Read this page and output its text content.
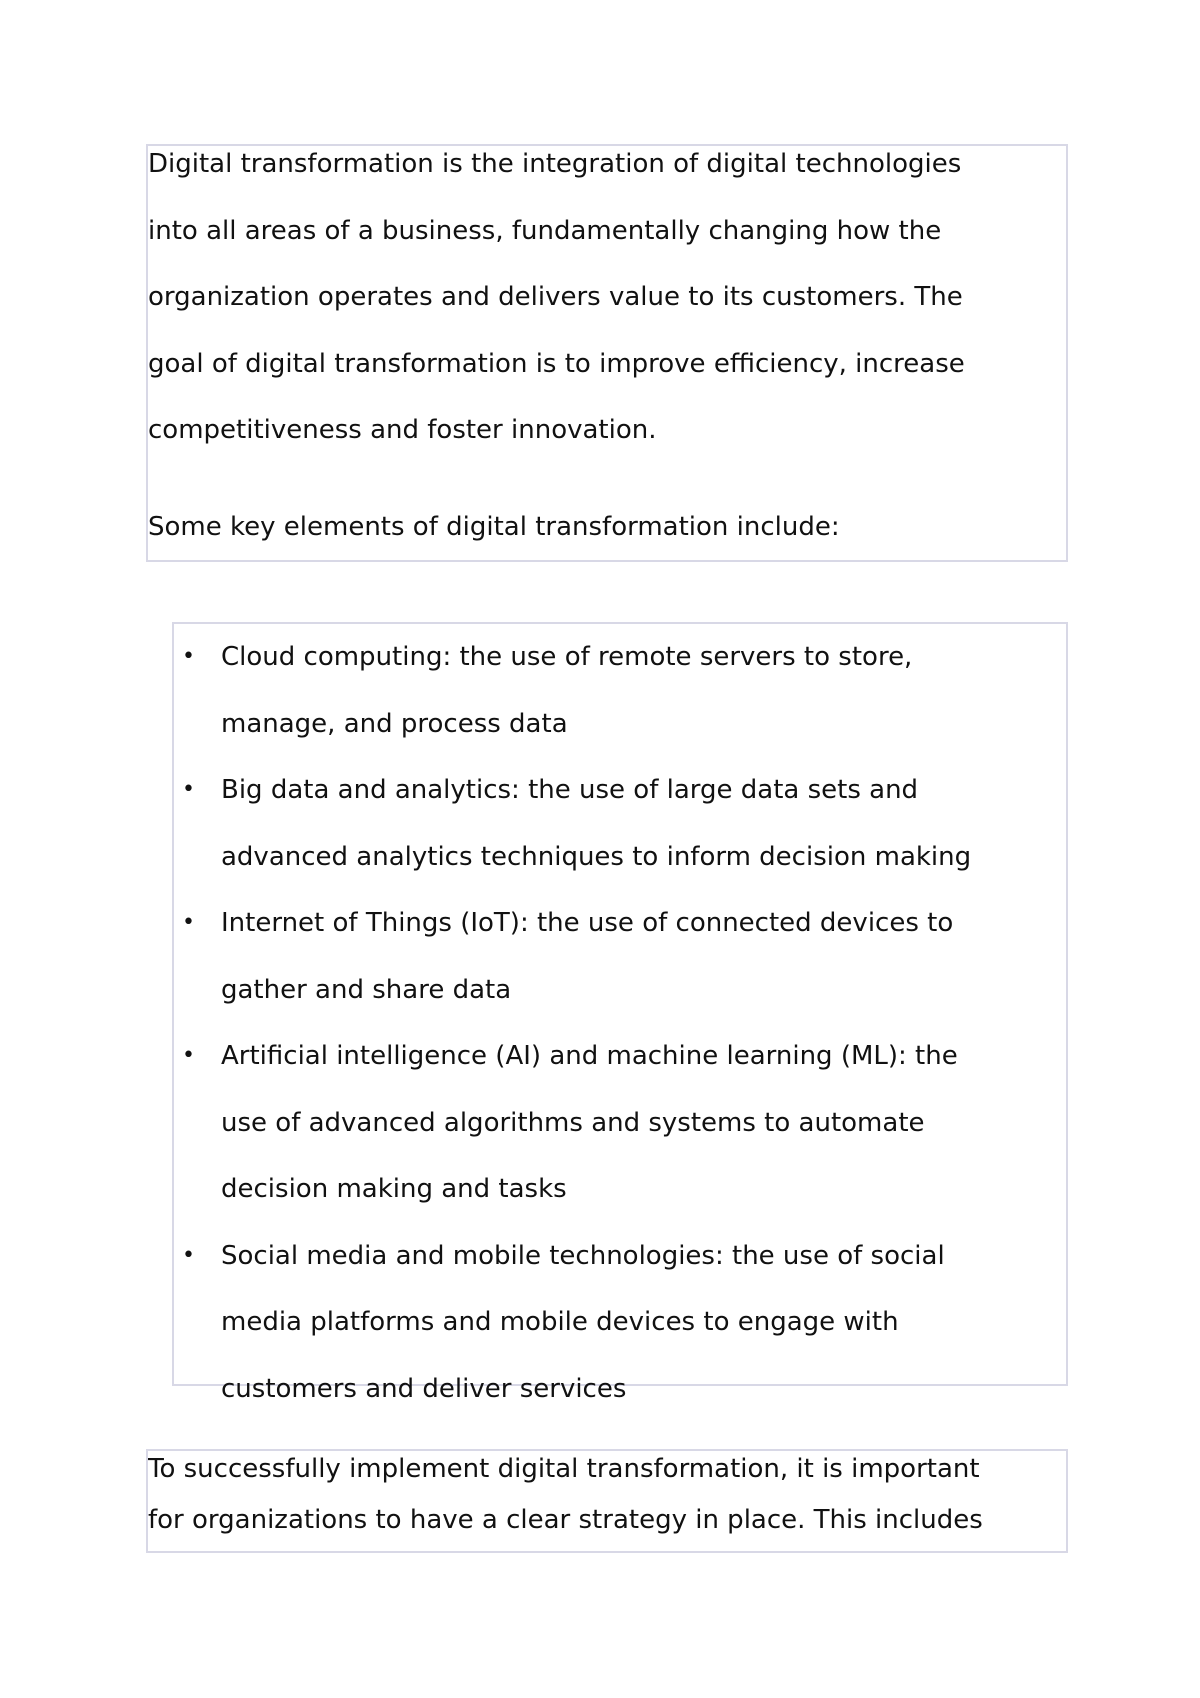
Digital transformation is the integration of digital technologies

into all areas of a business, fundamentally changing how the

organization operates and delivers value to its customers. The

goal of digital transformation is to improve efficiency, increase

competitiveness and foster innovation.

Some key elements of digital transformation include:

• Cloud computing: the use of remote servers to store,
manage, and process data
• Big data and analytics: the use of large data sets and
advanced analytics techniques to inform decision making
• Internet of Things (IoT): the use of connected devices to
gather and share data
• Artificial intelligence (AI) and machine learning (ML): the
use of advanced algorithms and systems to automate
decision making and tasks
• Social media and mobile technologies: the use of social
media platforms and mobile devices to engage with
customers and deliver services

To successfully implement digital transformation, it is important

for organizations to have a clear strategy in place. This includes
